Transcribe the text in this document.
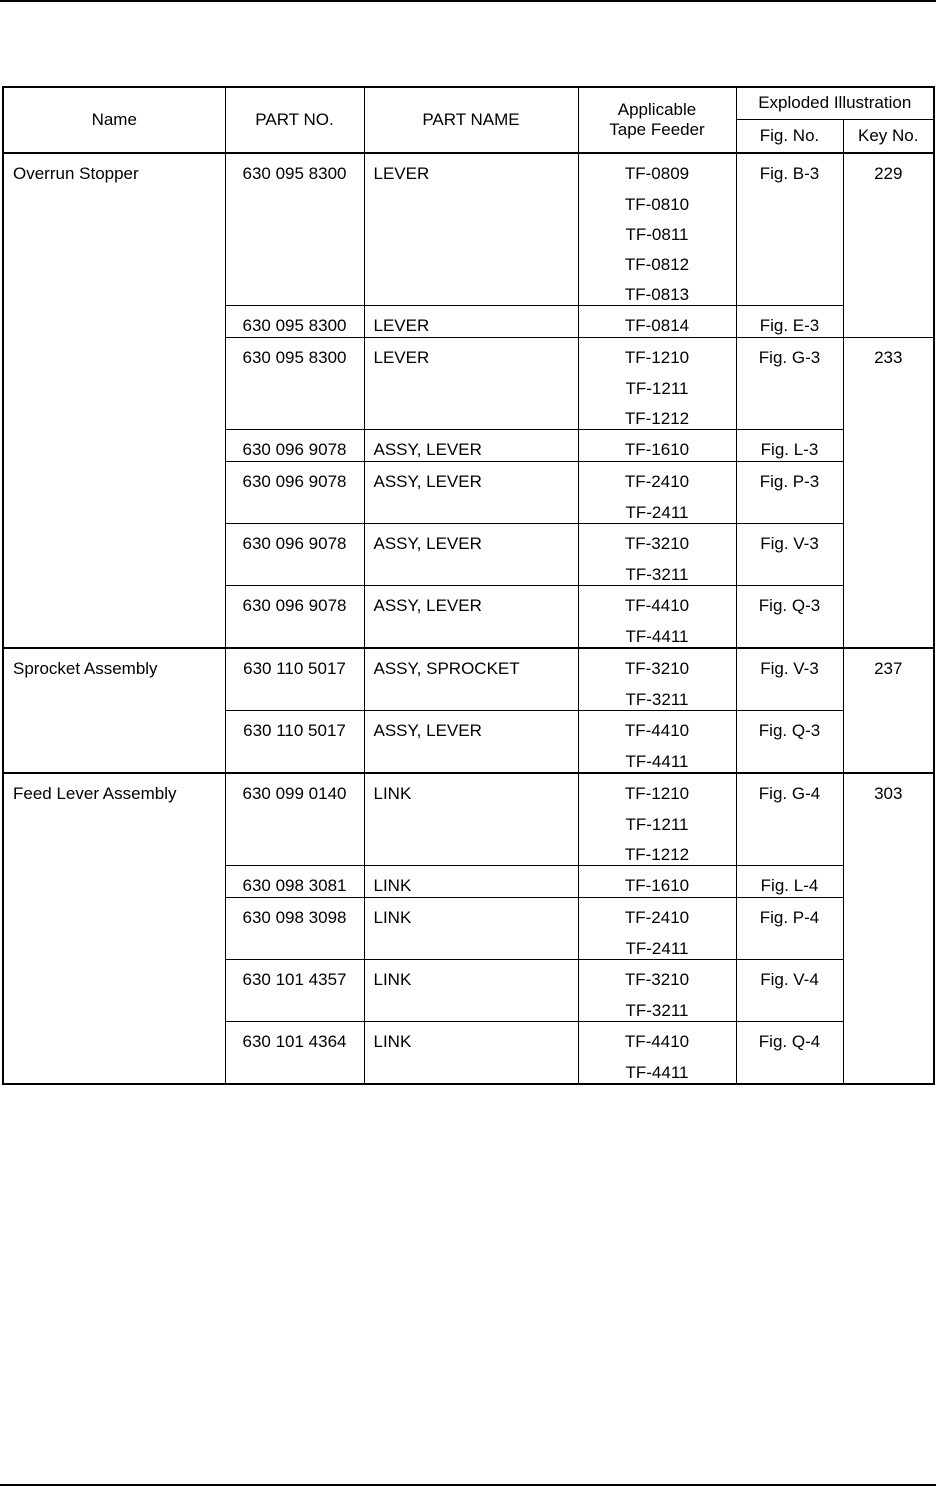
Name	PART NO.	PART NAME	Applicable
Tape Feeder	Exploded Illustration	
				Fig. No.	Key No.

Overrun Stopper	630 095 8300	LEVER	TF-0809
TF-0810
TF-0811
TF-0812
TF-0813	Fig. B-3	229

	630 095 8300	LEVER	TF-0814	Fig. E-3	

	630 095 8300	LEVER	TF-1210
TF-1211
TF-1212	Fig. G-3	233

	630 096 9078	ASSY, LEVER	TF-1610	Fig. L-3	

	630 096 9078	ASSY, LEVER	TF-2410
TF-2411	Fig. P-3	

	630 096 9078	ASSY, LEVER	TF-3210
TF-3211	Fig. V-3	

	630 096 9078	ASSY, LEVER	TF-4410
TF-4411	Fig. Q-3	

Sprocket Assembly	630 110 5017	ASSY, SPROCKET	TF-3210
TF-3211	Fig. V-3	237

	630 110 5017	ASSY, LEVER	TF-4410
TF-4411	Fig. Q-3	

Feed Lever Assembly	630 099 0140	LINK	TF-1210
TF-1211
TF-1212	Fig. G-4	303

	630 098 3081	LINK	TF-1610	Fig. L-4	

	630 098 3098	LINK	TF-2410
TF-2411	Fig. P-4	

	630 101 4357	LINK	TF-3210
TF-3211	Fig. V-4	

	630 101 4364	LINK	TF-4410
TF-4411	Fig. Q-4	
